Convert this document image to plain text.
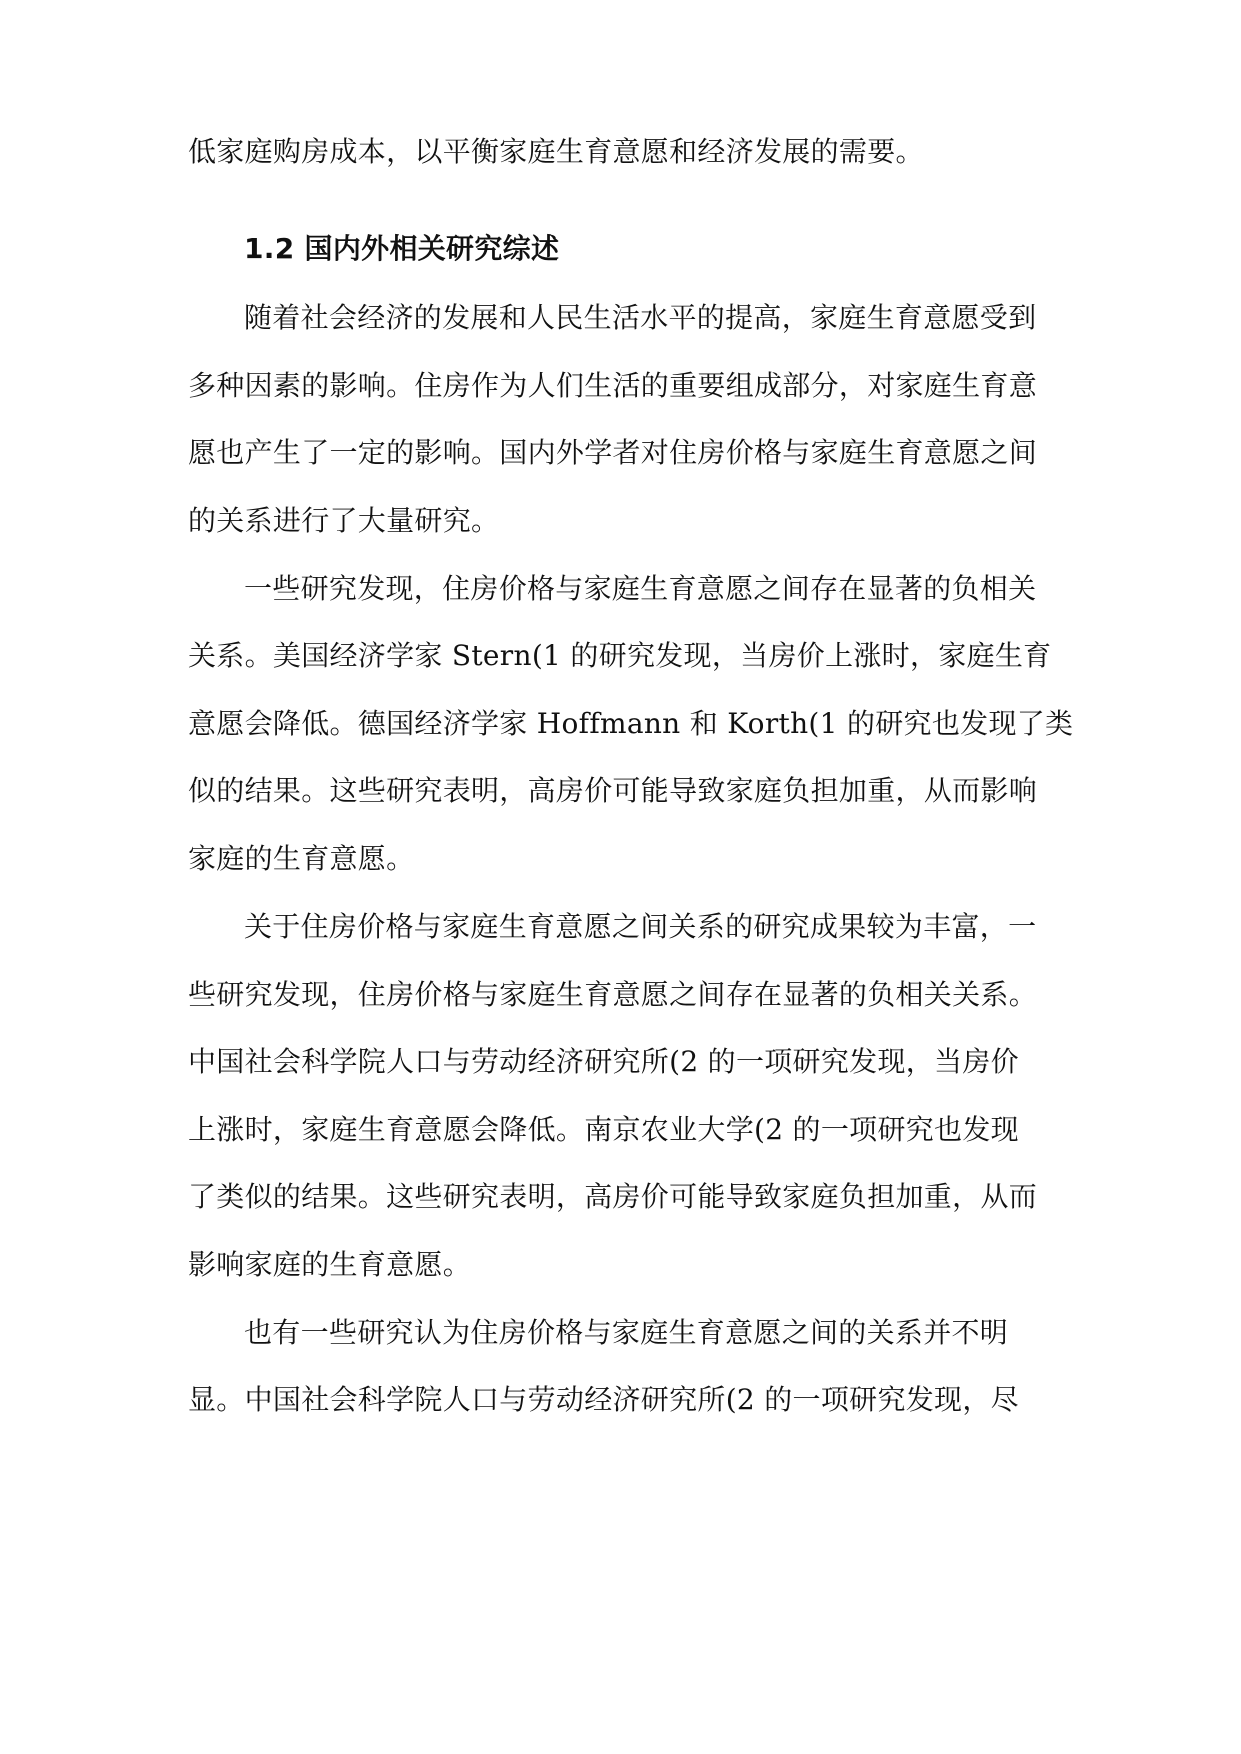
低家庭购房成本，以平衡家庭生育意愿和经济发展的需要。
1.2 国内外相关研究综述
随着社会经济的发展和人民生活水平的提高，家庭生育意愿受到
多种因素的影响。住房作为人们生活的重要组成部分，对家庭生育意
愿也产生了一定的影响。国内外学者对住房价格与家庭生育意愿之间
的关系进行了大量研究。
一些研究发现，住房价格与家庭生育意愿之间存在显著的负相关
关系。美国经济学家 Stern(1 的研究发现，当房价上涨时，家庭生育
意愿会降低。德国经济学家 Hoffmann 和 Korth(1 的研究也发现了类
似的结果。这些研究表明，高房价可能导致家庭负担加重，从而影响
家庭的生育意愿。
关于住房价格与家庭生育意愿之间关系的研究成果较为丰富，一
些研究发现，住房价格与家庭生育意愿之间存在显著的负相关关系。
中国社会科学院人口与劳动经济研究所(2 的一项研究发现，当房价
上涨时，家庭生育意愿会降低。南京农业大学(2 的一项研究也发现
了类似的结果。这些研究表明，高房价可能导致家庭负担加重，从而
影响家庭的生育意愿。
也有一些研究认为住房价格与家庭生育意愿之间的关系并不明
显。中国社会科学院人口与劳动经济研究所(2 的一项研究发现，尽
